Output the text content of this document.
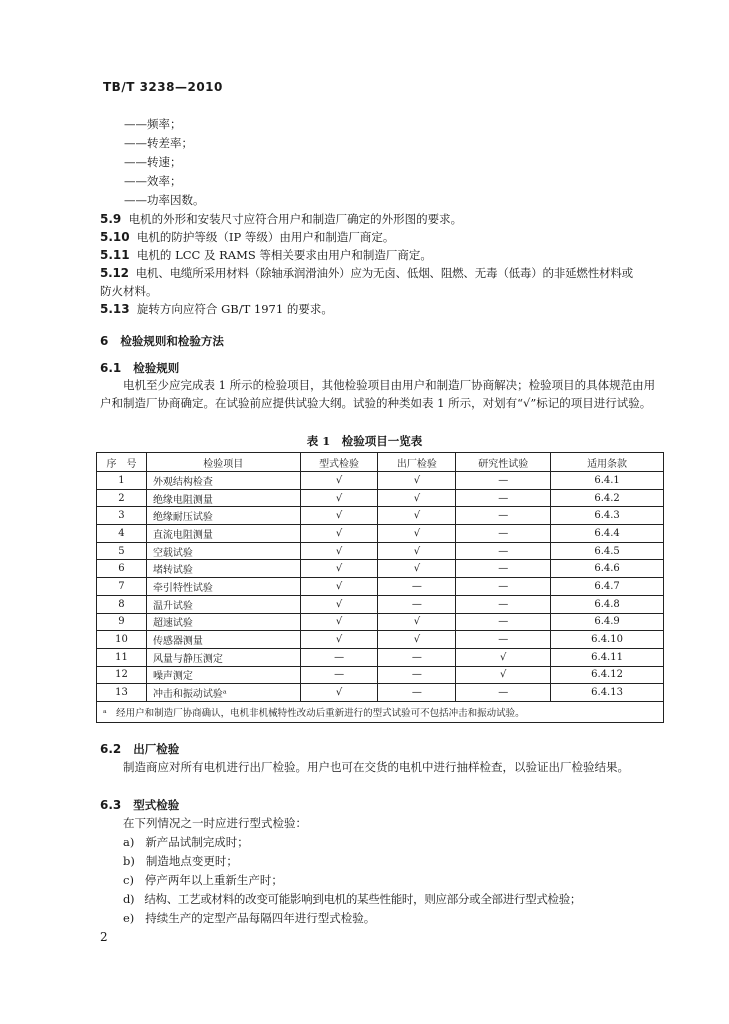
TB/T 3238—2010
——频率；
——转差率；
——转速；
——效率；
——功率因数。
5.9 电机的外形和安装尺寸应符合用户和制造厂确定的外形图的要求。
5.10 电机的防护等级（IP 等级）由用户和制造厂商定。
5.11 电机的 LCC 及 RAMS 等相关要求由用户和制造厂商定。
5.12 电机、电缆所采用材料（除轴承润滑油外）应为无卤、低烟、阻燃、无毒（低毒）的非延燃性材料或
防火材料。
5.13 旋转方向应符合 GB/T 1971 的要求。
6 检验规则和检验方法
6.1 检验规则
电机至少应完成表 1 所示的检验项目，其他检验项目由用户和制造厂协商解决；检验项目的具体规范由用户和制造厂协商确定。在试验前应提供试验大纲。试验的种类如表 1 所示，对划有“√”标记的项目进行试验。
表 1　检验项目一览表
序　号	检验项目	型式检验	出厂检验	研究性试验	适用条款
1	外观结构检查	√	√	—	6.4.1
2	绝缘电阻测量	√	√	—	6.4.2
3	绝缘耐压试验	√	√	—	6.4.3
4	直流电阻测量	√	√	—	6.4.4
5	空载试验	√	√	—	6.4.5
6	堵转试验	√	√	—	6.4.6
7	牵引特性试验	√	—	—	6.4.7
8	温升试验	√	—	—	6.4.8
9	超速试验	√	√	—	6.4.9
10	传感器测量	√	√	—	6.4.10
11	风量与静压测定	—	—	√	6.4.11
12	噪声测定	—	—	√	6.4.12
13	冲击和振动试验ᵃ	√	—	—	6.4.13
ᵃ　经用户和制造厂协商确认，电机非机械特性改动后重新进行的型式试验可不包括冲击和振动试验。					
6.2 出厂检验
制造商应对所有电机进行出厂检验。用户也可在交货的电机中进行抽样检查，以验证出厂检验结果。
6.3 型式检验
在下列情况之一时应进行型式检验：
a) 新产品试制完成时；
b) 制造地点变更时；
c) 停产两年以上重新生产时；
d) 结构、工艺或材料的改变可能影响到电机的某些性能时，则应部分或全部进行型式检验；
e) 持续生产的定型产品每隔四年进行型式检验。
2
